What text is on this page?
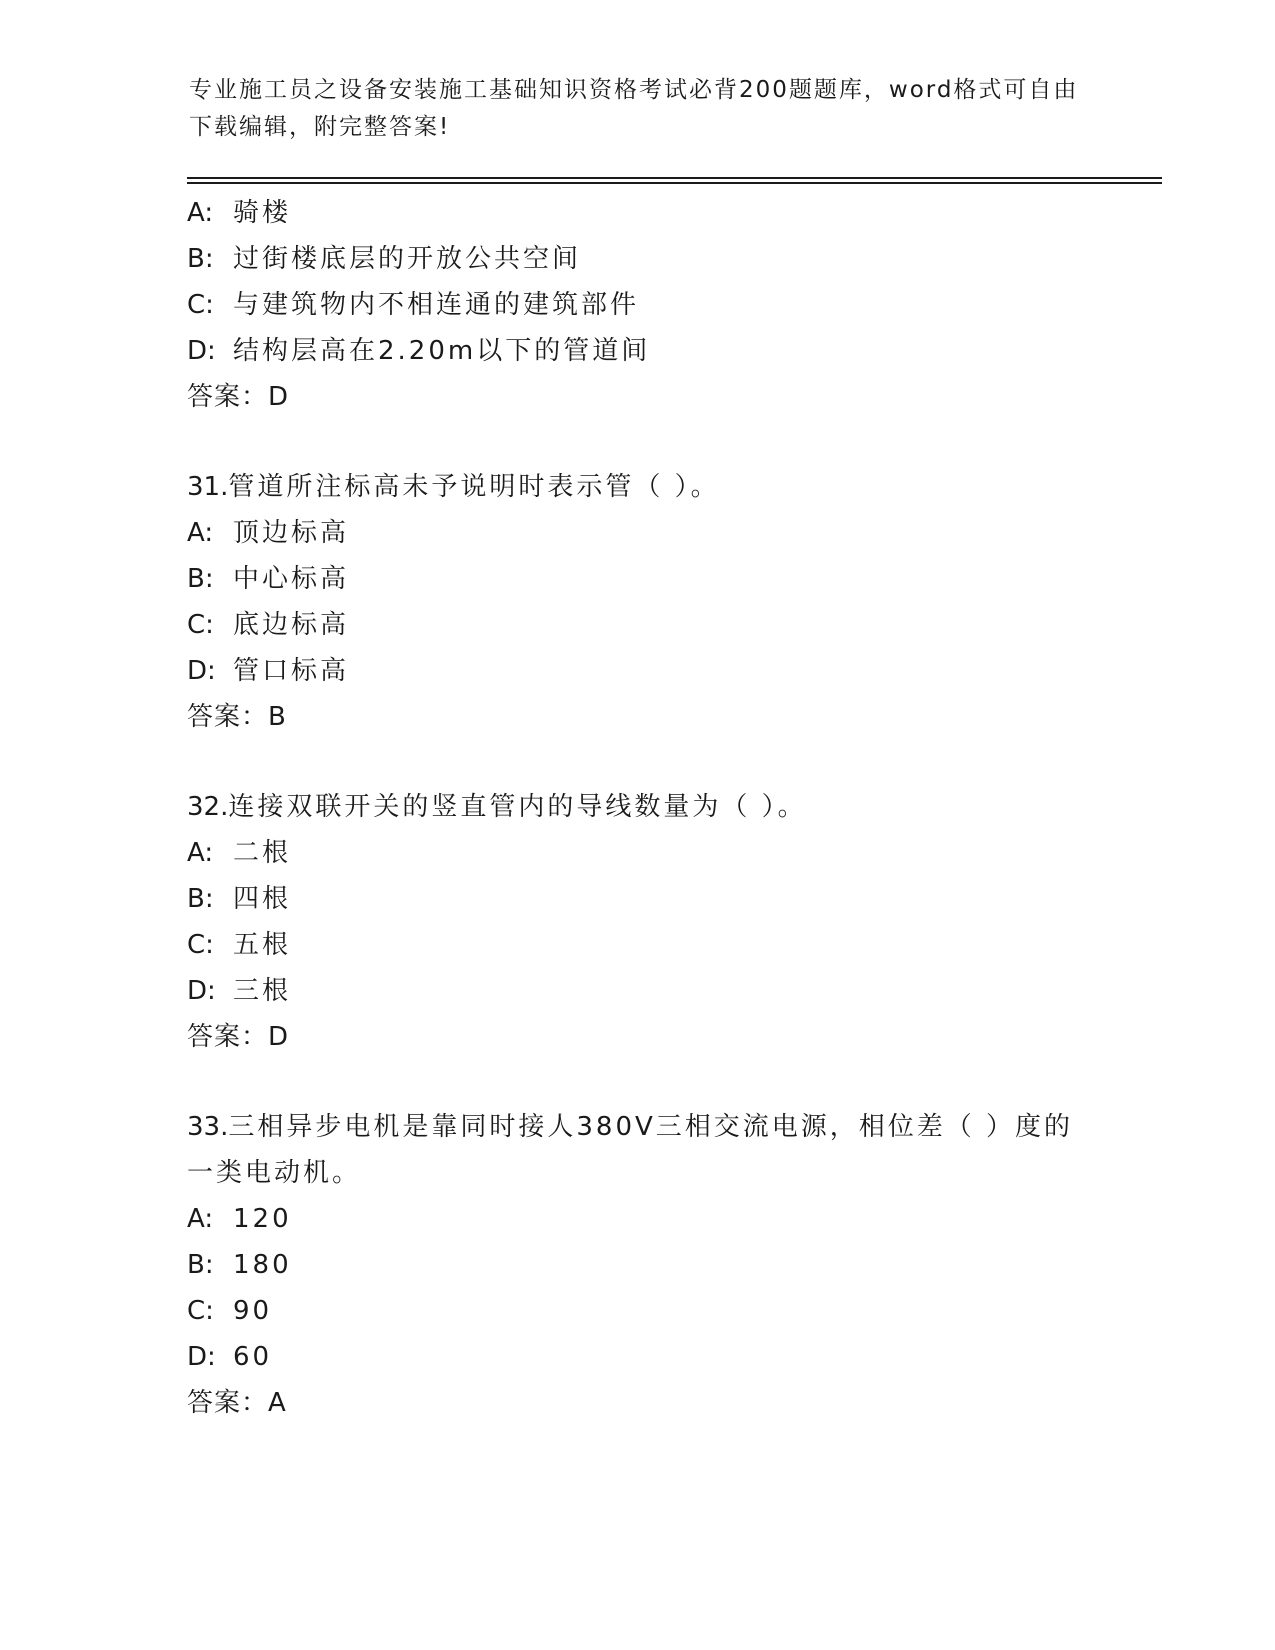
专业施工员之设备安装施工基础知识资格考试必背200题题库，word格式可自由
下载编辑，附完整答案!
A: 骑楼
B: 过街楼底层的开放公共空间
C: 与建筑物内不相连通的建筑部件
D: 结构层高在2.20m以下的管道间
答案：D
31.管道所注标高未予说明时表示管（ ）。
A: 顶边标高
B: 中心标高
C: 底边标高
D: 管口标高
答案：B
32.连接双联开关的竖直管内的导线数量为（ ）。
A: 二根
B: 四根
C: 五根
D: 三根
答案：D
33.三相异步电机是靠同时接人380V三相交流电源，相位差（ ）度的
一类电动机。
A: 120
B: 180
C: 90
D: 60
答案：A
